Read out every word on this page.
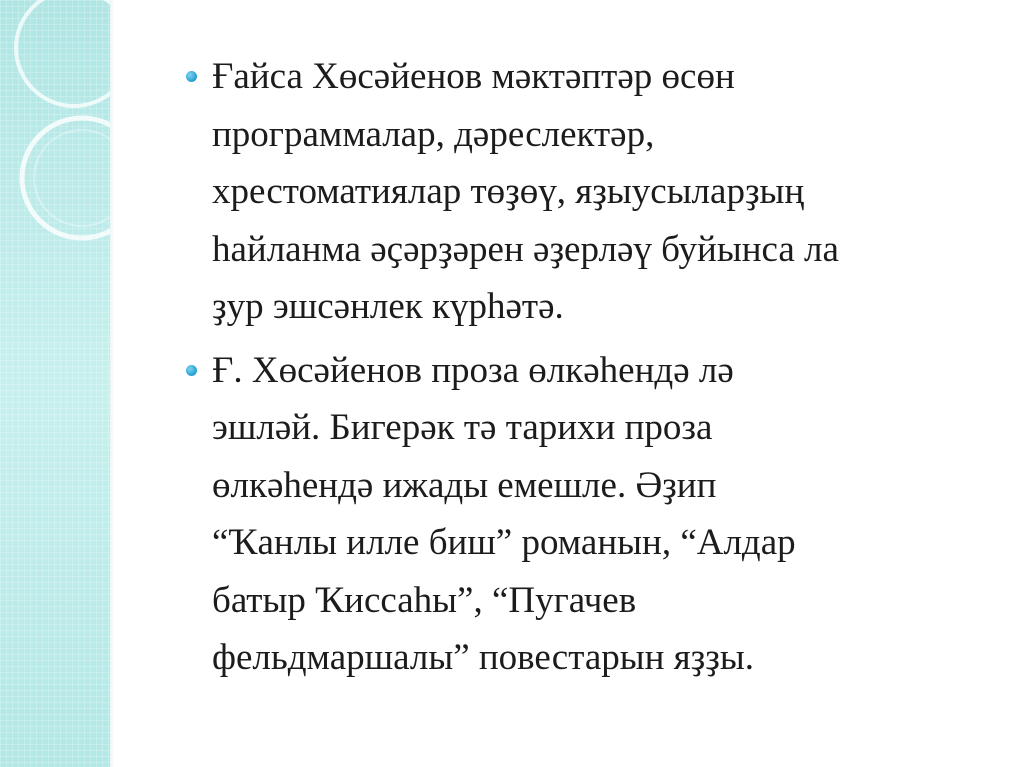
Ғайса Хөсәйенов мәктәптәр өсөн
программалар, дәреслектәр,
хрестоматиялар төҙөү, яҙыусыларҙың
һайланма әҫәрҙәрен әҙерләү буйынса ла
ҙур эшсәнлек күрһәтә.
Ғ. Хөсәйенов проза өлкәһендә лә
эшләй. Бигерәк тә тарихи проза
өлкәһендә ижады емешле. Әҙип
“Ҡанлы илле биш” романын, “Алдар
батыр Ҡиссаһы”, “Пугачев
фельдмаршалы” повестарын яҙҙы.
